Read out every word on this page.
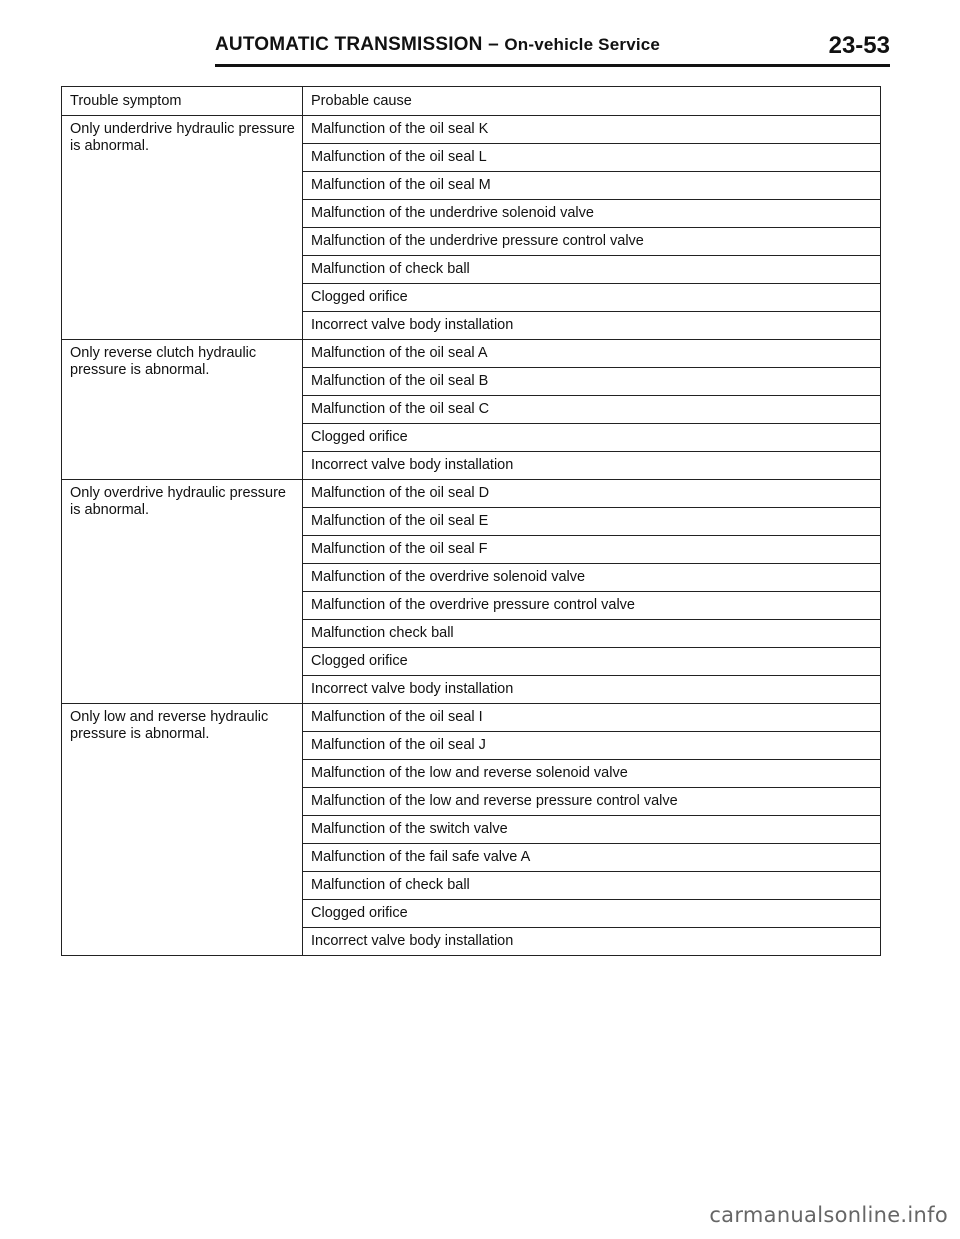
AUTOMATIC TRANSMISSION – On-vehicle Service	23-53
Trouble symptom	Probable cause
Only underdrive hydraulic pressure is abnormal.	Malfunction of the oil seal K
	Malfunction of the oil seal L
	Malfunction of the oil seal M
	Malfunction of the underdrive solenoid valve
	Malfunction of the underdrive pressure control valve
	Malfunction of check ball
	Clogged orifice
	Incorrect valve body installation
Only reverse clutch hydraulic pressure is abnormal.	Malfunction of the oil seal A
	Malfunction of the oil seal B
	Malfunction of the oil seal C
	Clogged orifice
	Incorrect valve body installation
Only overdrive hydraulic pressure is abnormal.	Malfunction of the oil seal D
	Malfunction of the oil seal E
	Malfunction of the oil seal F
	Malfunction of the overdrive solenoid valve
	Malfunction of the overdrive pressure control valve
	Malfunction check ball
	Clogged orifice
	Incorrect valve body installation
Only low and reverse hydraulic pressure is abnormal.	Malfunction of the oil seal I
	Malfunction of the oil seal J
	Malfunction of the low and reverse solenoid valve
	Malfunction of the low and reverse pressure control valve
	Malfunction of the switch valve
	Malfunction of the fail safe valve A
	Malfunction of check ball
	Clogged orifice
	Incorrect valve body installation
carmanualsonline.info
